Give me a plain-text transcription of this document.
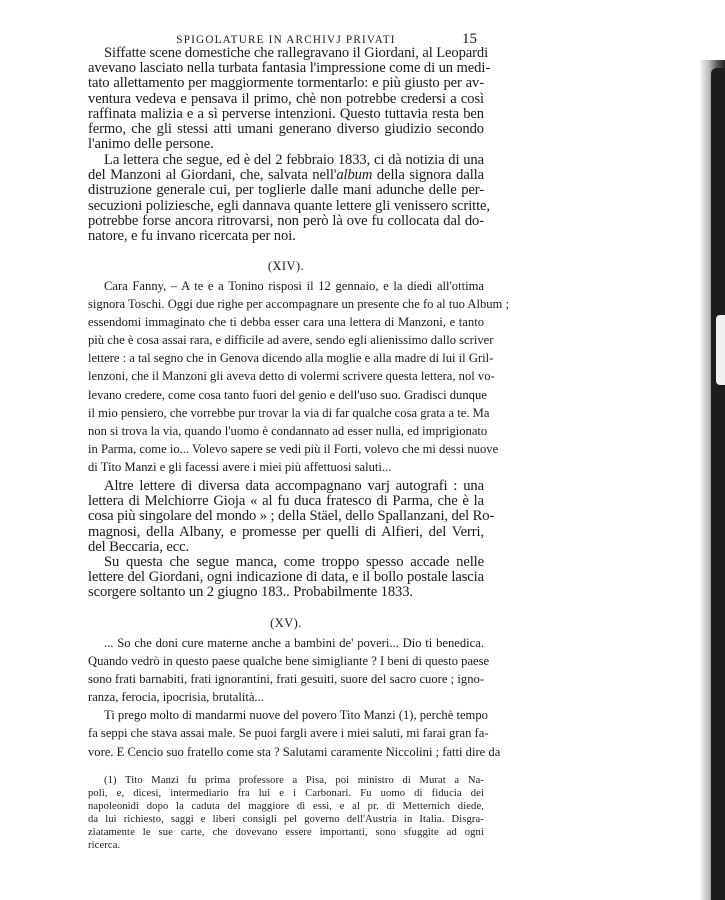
SPIGOLATURE IN ARCHIVJ PRIVATI	15
Siffatte scene domestiche che rallegravano il Giordani, al Leopardi
avevano lasciato nella turbata fantasia l'impressione come di un medi-
tato allettamento per maggiormente tormentarlo: e più giusto per av-
ventura vedeva e pensava il primo, chè non potrebbe credersi a così
raffinata malizia e a sì perverse intenzioni. Questo tuttavia resta ben
fermo, che gli stessi atti umani generano diverso giudizio secondo
l'animo delle persone.
La lettera che segue, ed è del 2 febbraio 1833, ci dà notizia di una
del Manzoni al Giordani, che, salvata nell'album della signora dalla
distruzione generale cui, per toglierle dalle mani adunche delle per-
secuzioni poliziesche, egli dannava quante lettere gli venissero scritte,
potrebbe forse ancora ritrovarsi, non però là ove fu collocata dal do-
natore, e fu invano ricercata per noi.
(XIV).
Cara Fanny, – A te e a Tonino risposi il 12 gennaio, e la diedi all'ottima
signora Toschi. Oggi due righe per accompagnare un presente che fo al tuo Album ;
essendomi immaginato che ti debba esser cara una lettera di Manzoni, e tanto
più che è cosa assai rara, e difficile ad avere, sendo egli alienissimo dallo scriver
lettere : a tal segno che in Genova dicendo alla moglie e alla madre di lui il Gril-
lenzoni, che il Manzoni gli aveva detto di volermi scrivere questa lettera, nol vo-
levano credere, come cosa tanto fuori del genio e dell'uso suo. Gradisci dunque
il mio pensiero, che vorrebbe pur trovar la via di far qualche cosa grata a te. Ma
non si trova la via, quando l'uomo è condannato ad esser nulla, ed imprigionato
in Parma, come io... Volevo sapere se vedi più il Forti, volevo che mi dessi nuove
di Tito Manzi e gli facessi avere i miei più affettuosi saluti...
Altre lettere di diversa data accompagnano varj autografi : una
lettera di Melchiorre Gioja « al fu duca fratesco di Parma, che è la
cosa più singolare del mondo » ; della Stäel, dello Spallanzani, del Ro-
magnosi, della Albany, e promesse per quelli di Alfieri, del Verri,
del Beccaria, ecc.
Su questa che segue manca, come troppo spesso accade nelle
lettere del Giordani, ogni indicazione di data, e il bollo postale lascia
scorgere soltanto un 2 giugno 183.. Probabilmente 1833.
(XV).
... So che doni cure materne anche a bambini de' poveri... Dio ti benedica.
Quando vedrò in questo paese qualche bene simigliante ? I beni di questo paese
sono frati barnabiti, frati ignorantini, frati gesuiti, suore del sacro cuore ; igno-
ranza, ferocia, ipocrisia, brutalità...
Ti prego molto di mandarmi nuove del povero Tito Manzi (1), perchè tempo
fa seppi che stava assai male. Se puoi fargli avere i miei saluti, mi farai gran fa-
vore. E Cencio suo fratello come sta ? Salutami caramente Niccolini ; fatti dire da
(1) Tito Manzi fu prima professore a Pisa, poi ministro di Murat a Na-
poli, e, dicesi, intermediario fra lui e i Carbonari. Fu uomo di fiducia dei
napoleonidi dopo la caduta del maggiore di essi, e al pr. di Metternich diede,
da lui richiesto, saggi e liberi consigli pel governo dell'Austria in Italia. Disgra-
ziatamente le sue carte, che dovevano essere importanti, sono sfuggite ad ogni
ricerca.
